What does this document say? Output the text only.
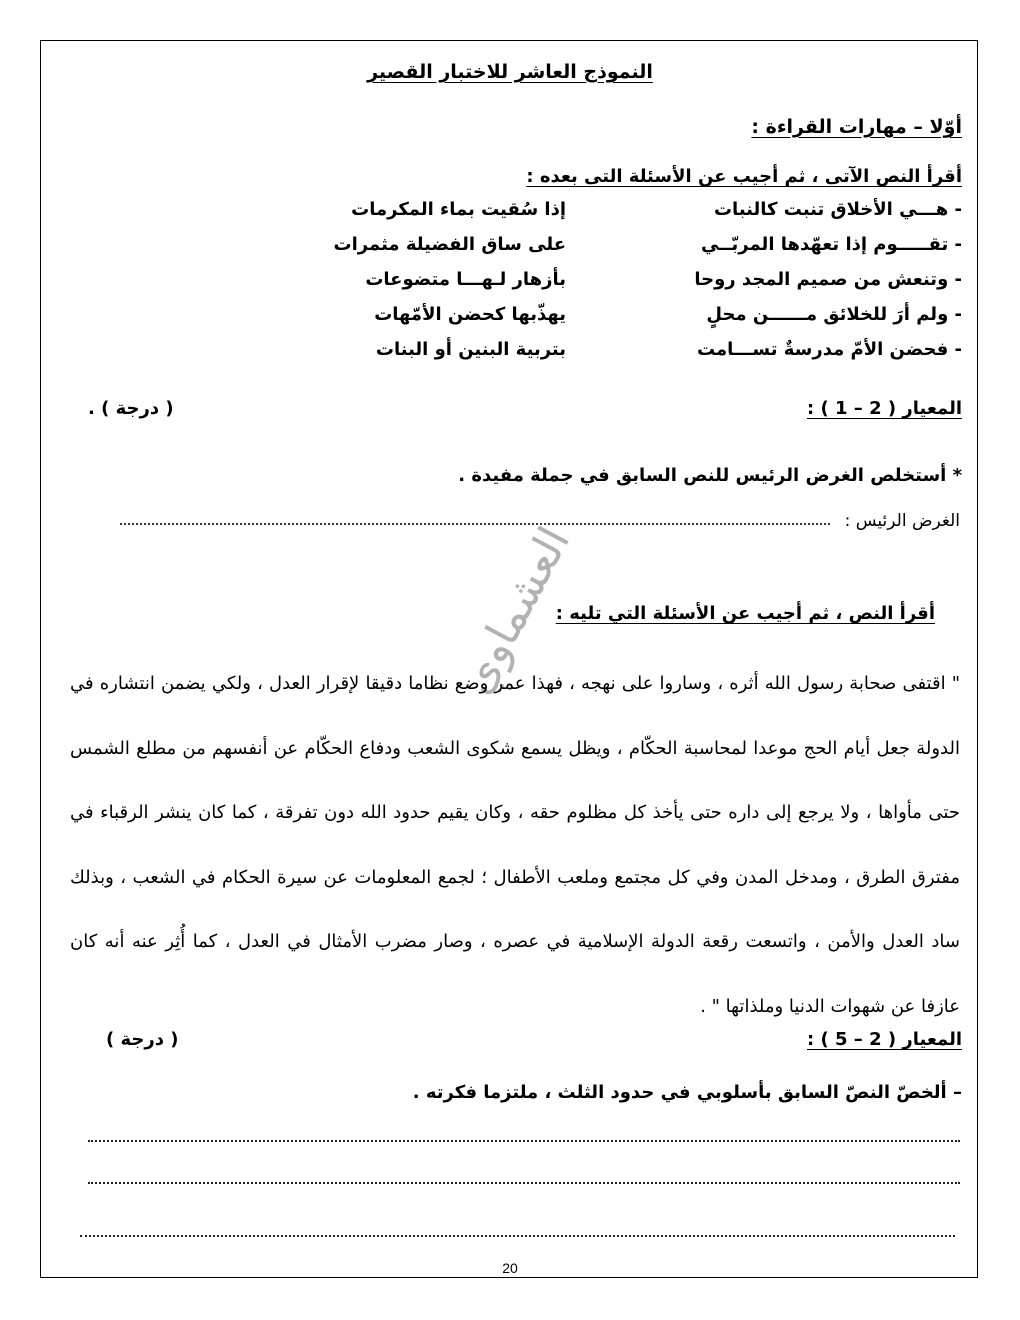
النموذج العاشر للاختبار القصير
أوّلا – مهارات القراءة :
أقرأ النص الآتى ، ثم أجيب عن الأسئلة التى بعده :
- هـــي الأخلاق تنبت كالنبات
إذا سُقيت بماء المكرمات
- تقـــــوم إذا تعهّدها المربّــي
على ساق الفضيلة مثمرات
- وتنعش من صميم المجد روحا
بأزهار لـهـــا متضوعات
- ولم أرَ للخلائق مــــــن محلٍ
يهذّبها كحضن الأمّهات
- فحضن الأمّ مدرسةٌ تســـامت
بتربية البنين أو البنات
المعيار ( 2 – 1 ) :
( درجة ) .
* أستخلص الغرض الرئيس للنص السابق في جملة مفيدة .
الغرض الرئيس :
أقرأ النص ، ثم أجيب عن الأسئلة التي تليه :
العشماوي

" اقتفى صحابة رسول الله أثره ، وساروا على نهجه ، فهذا عمر وضع نظاما دقيقا لإقرار العدل ، ولكي يضمن انتشاره في الدولة جعل أيام الحج موعدا لمحاسبة الحكّام ، ويظل يسمع شكوى الشعب ودفاع الحكّام عن أنفسهم من مطلع الشمس حتى مأواها ، ولا يرجع إلى داره حتى يأخذ كل مظلوم حقه ، وكان يقيم حدود الله دون تفرقة ، كما كان ينشر الرقباء في مفترق الطرق ، ومدخل المدن وفي كل مجتمع وملعب الأطفال ؛ لجمع المعلومات عن سيرة الحكام في الشعب ، وبذلك ساد العدل والأمن ، واتسعت رقعة الدولة الإسلامية في عصره ، وصار مضرب الأمثال في العدل ، كما أُثِر عنه أنه كان عازفا عن شهوات الدنيا وملذاتها " .

المعيار ( 2 – 5 ) :
( درجة )
– ألخصّ النصّ السابق بأسلوبي في حدود الثلث ، ملتزما فكرته .
20
